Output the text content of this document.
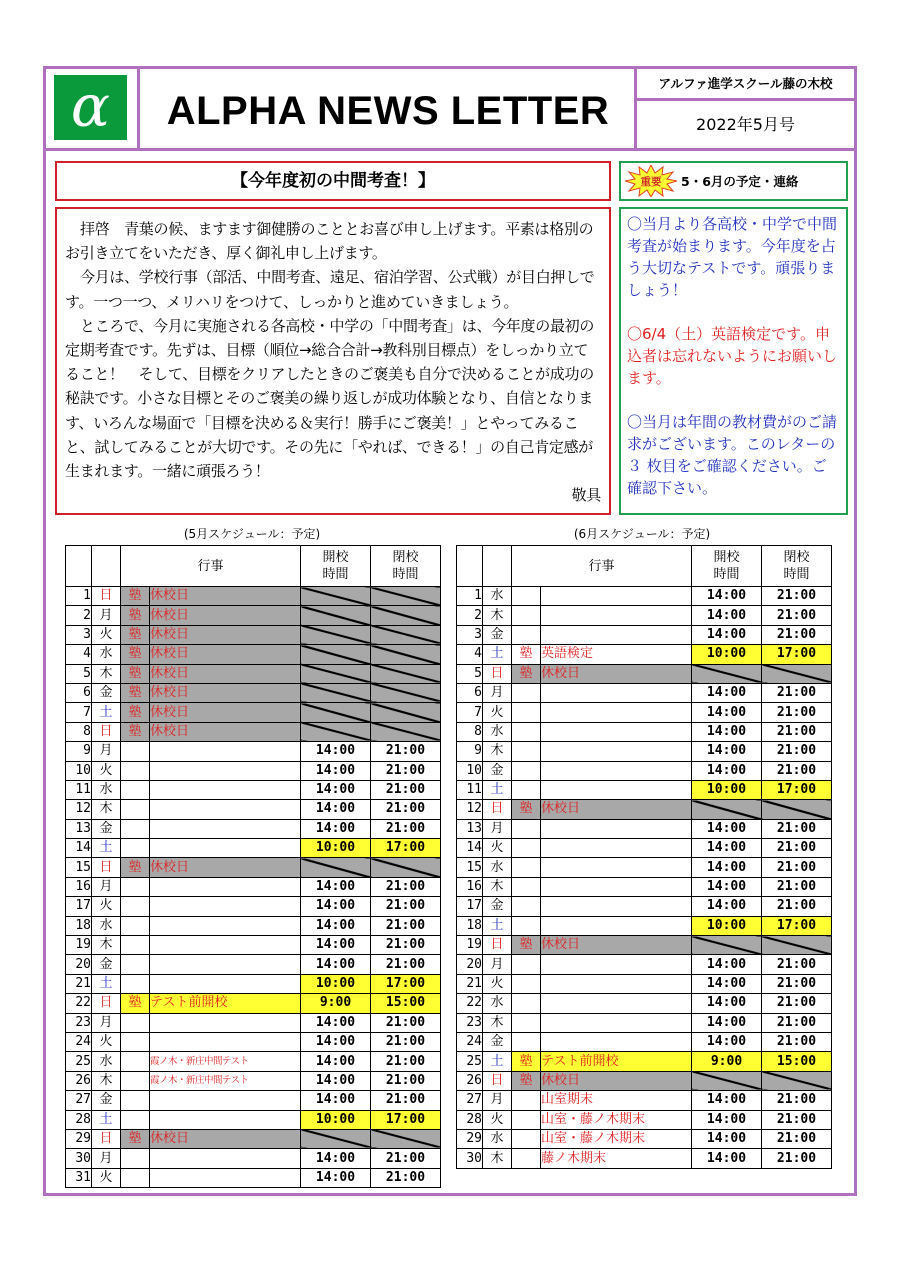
α	ALPHA NEWS LETTER
アルファ進学スクール藤の木校
2022年5月号
【今年度初の中間考査！】

拝啓　青葉の候、ますます御健勝のこととお喜び申し上げます。平素は格別のお引き立てをいただき、厚く御礼申し上げます。

今月は、学校行事（部活、中間考査、遠足、宿泊学習、公式戦）が目白押しです。一つ一つ、メリハリをつけて、しっかりと進めていきましょう。

ところで、今月に実施される各高校・中学の「中間考査」は、今年度の最初の定期考査です。先ずは、目標（順位→総合合計→教科別目標点）をしっかり立てること！　そして、目標をクリアしたときのご褒美も自分で決めることが成功の秘訣です。小さな目標とそのご褒美の繰り返しが成功体験となり、自信となります、いろんな場面で「目標を決める＆実行！勝手にご褒美！」とやってみること、試してみることが大切です。その先に「やれば、できる！」の自己肯定感が生まれます。一緒に頑張ろう！

敬具
重要	5・6月の予定・連絡

〇当月より各高校・中学で中間考査が始まります。今年度を占う大切なテストです。頑張りましょう！

〇6/4（土）英語検定です。申込者は忘れないようにお願いします。

〇当月は年間の教材費がのご請求がございます。このレターの ３ 枚目をご確認ください。ご確認下さい。

(5月スケジュール：予定)	(6月スケジュール：予定)
		行事		開校
時間	閉校
時間
1	日	塾	休校日		
2	月	塾	休校日		
3	火	塾	休校日		
4	水	塾	休校日		
5	木	塾	休校日		
6	金	塾	休校日		
7	土	塾	休校日		
8	日	塾	休校日		
9	月			14:00	21:00
10	火			14:00	21:00
11	水			14:00	21:00
12	木			14:00	21:00
13	金			14:00	21:00
14	土			10:00	17:00
15	日	塾	休校日		
16	月			14:00	21:00
17	火			14:00	21:00
18	水			14:00	21:00
19	木			14:00	21:00
20	金			14:00	21:00
21	土			10:00	17:00
22	日	塾	テスト前開校	9:00	15:00
23	月			14:00	21:00
24	火			14:00	21:00
25	水		霞ノ木・新庄中間テスト	14:00	21:00
26	木		霞ノ木・新庄中間テスト	14:00	21:00
27	金			14:00	21:00
28	土			10:00	17:00
29	日	塾	休校日		
30	月			14:00	21:00
31	火			14:00	21:00
		行事		開校
時間	閉校
時間
1	水			14:00	21:00
2	木			14:00	21:00
3	金			14:00	21:00
4	土	塾	英語検定	10:00	17:00
5	日	塾	休校日		
6	月			14:00	21:00
7	火			14:00	21:00
8	水			14:00	21:00
9	木			14:00	21:00
10	金			14:00	21:00
11	土			10:00	17:00
12	日	塾	休校日		
13	月			14:00	21:00
14	火			14:00	21:00
15	水			14:00	21:00
16	木			14:00	21:00
17	金			14:00	21:00
18	土			10:00	17:00
19	日	塾	休校日		
20	月			14:00	21:00
21	火			14:00	21:00
22	水			14:00	21:00
23	木			14:00	21:00
24	金			14:00	21:00
25	土	塾	テスト前開校	9:00	15:00
26	日	塾	休校日		
27	月		山室期末	14:00	21:00
28	火		山室・藤ノ木期末	14:00	21:00
29	水		山室・藤ノ木期末	14:00	21:00
30	木		藤ノ木期末	14:00	21:00
